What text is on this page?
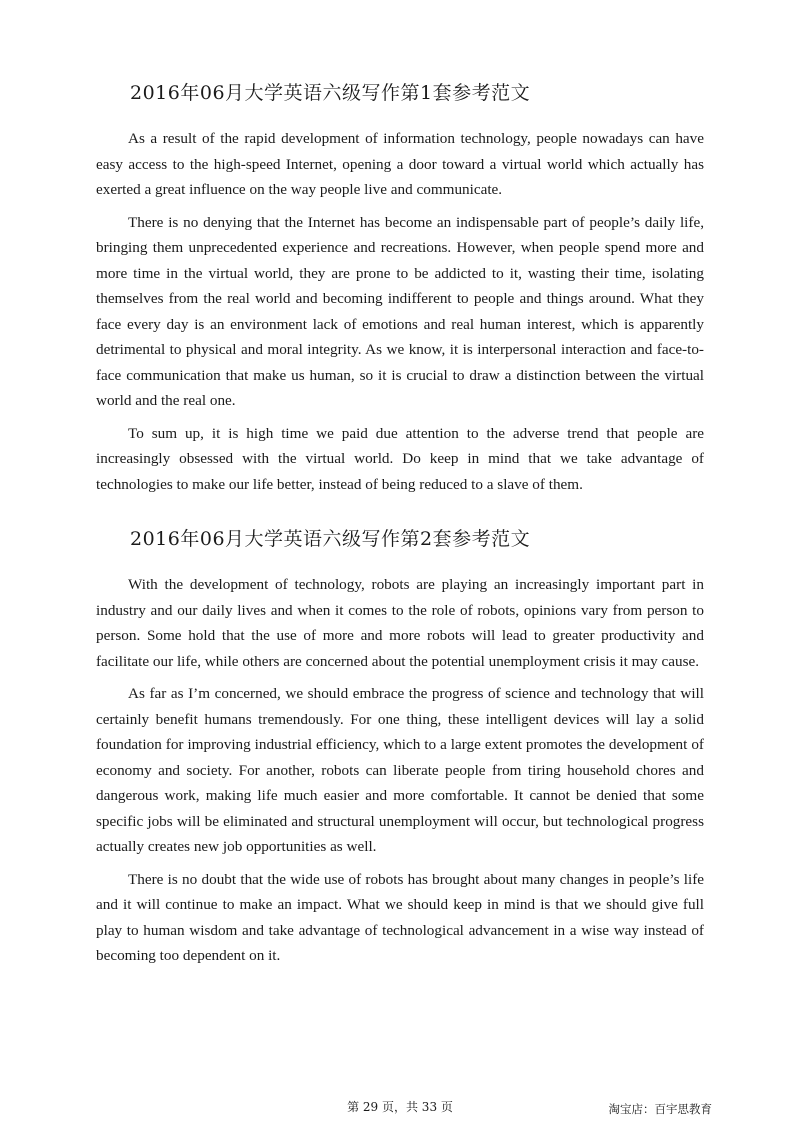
2016年06月大学英语六级写作第1套参考范文

As a result of the rapid development of information technology, people nowadays can have easy access to the high-speed Internet, opening a door toward a virtual world which actually has exerted a great influence on the way people live and communicate.

There is no denying that the Internet has become an indispensable part of people’s daily life, bringing them unprecedented experience and recreations. However, when people spend more and more time in the virtual world, they are prone to be addicted to it, wasting their time, isolating themselves from the real world and becoming indifferent to people and things around. What they face every day is an environment lack of emotions and real human interest, which is apparently detrimental to physical and moral integrity. As we know, it is interpersonal interaction and face-to-face communication that make us human, so it is crucial to draw a distinction between the virtual world and the real one.

To sum up, it is high time we paid due attention to the adverse trend that people are increasingly obsessed with the virtual world. Do keep in mind that we take advantage of technologies to make our life better, instead of being reduced to a slave of them.

2016年06月大学英语六级写作第2套参考范文

With the development of technology, robots are playing an increasingly important part in industry and our daily lives and when it comes to the role of robots, opinions vary from person to person. Some hold that the use of more and more robots will lead to greater productivity and facilitate our life, while others are concerned about the potential unemployment crisis it may cause.

As far as I’m concerned, we should embrace the progress of science and technology that will certainly benefit humans tremendously. For one thing, these intelligent devices will lay a solid foundation for improving industrial efficiency, which to a large extent promotes the development of economy and society. For another, robots can liberate people from tiring household chores and dangerous work, making life much easier and more comfortable. It cannot be denied that some specific jobs will be eliminated and structural unemployment will occur, but technological progress actually creates new job opportunities as well.

There is no doubt that the wide use of robots has brought about many changes in people’s life and it will continue to make an impact. What we should keep in mind is that we should give full play to human wisdom and take advantage of technological advancement in a wise way instead of becoming too dependent on it.

第 29 页，共 33 页	淘宝店：百宇思教育
